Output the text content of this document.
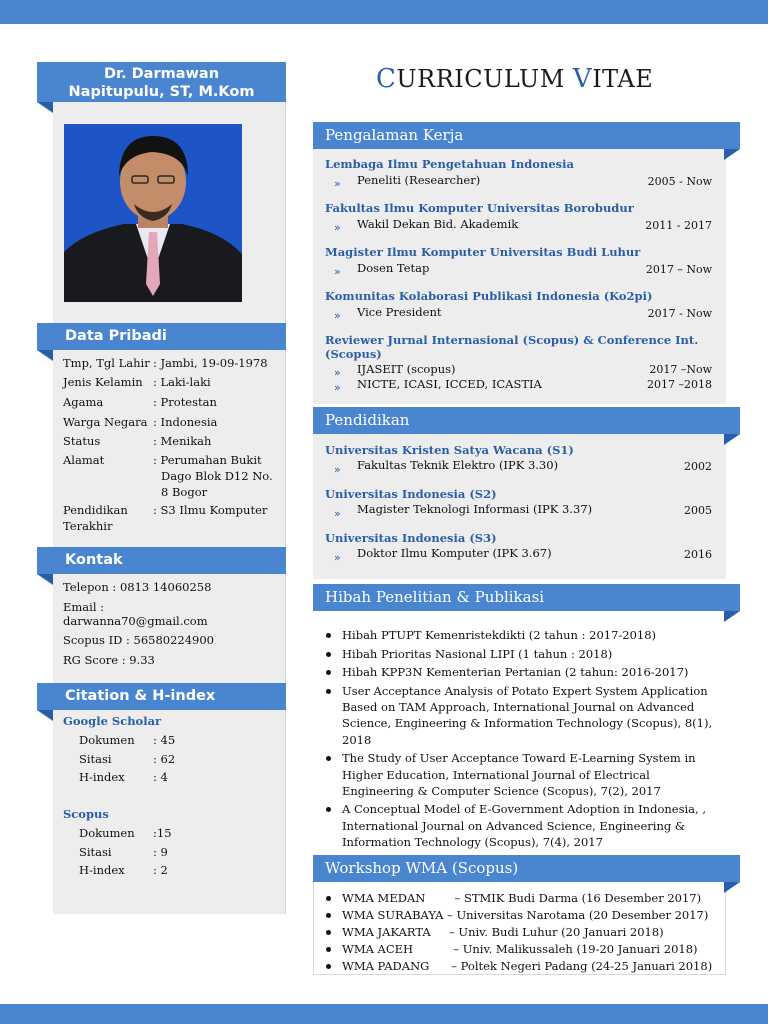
Dr. Darmawan
Napitupulu, ST, M.Kom
Data Pribadi
Tmp, Tgl Lahir : Jambi, 19-09-1978
Jenis Kelamin : Laki-laki
Agama	: Protestan
Warga Negara : Indonesia
Status	: Menikah
Alamat	: Perumahan Bukit
Dago Blok D12 No.
8 Bogor
Pendidikan : S3 Ilmu Komputer
Terakhir
Kontak
Telepon : 0813 14060258
Email :
darwanna70@gmail.com
Scopus ID : 56580224900
RG Score : 9.33
Citation & H-index
Google Scholar
Dokumen : 45
Sitasi	: 62
H-index : 4
Scopus
Dokumen :15
Sitasi	: 9
H-index : 2
CURRICULUM VITAE
Pengalaman Kerja
Lembaga Ilmu Pengetahuan Indonesia
» Peneliti (Researcher)	2005 - Now
Fakultas Ilmu Komputer Universitas Borobudur
» Wakil Dekan Bid. Akademik	2011 - 2017
Magister Ilmu Komputer Universitas Budi Luhur
» Dosen Tetap	2017 – Now
Komunitas Kolaborasi Publikasi Indonesia (Ko2pi)
» Vice President	2017 - Now
Reviewer Jurnal Internasional (Scopus) & Conference Int. (Scopus)
» IJASEIT (scopus)	2017 –Now
» NICTE, ICASI, ICCED, ICASTIA	2017 –2018
Pendidikan
Universitas Kristen Satya Wacana (S1)
» Fakultas Teknik Elektro (IPK 3.30)	2002
Universitas Indonesia (S2)
» Magister Teknologi Informasi (IPK 3.37)	2005
Universitas Indonesia (S3)
» Doktor Ilmu Komputer (IPK 3.67)	2016
Hibah Penelitian & Publikasi
Hibah PTUPT Kemenristekdikti (2 tahun : 2017-2018)
Hibah Prioritas Nasional LIPI (1 tahun : 2018)
Hibah KPP3N Kementerian Pertanian (2 tahun: 2016-2017)
User Acceptance Analysis of Potato Expert System Application Based on TAM Approach, International Journal on Advanced Science, Engineering & Information Technology (Scopus), 8(1), 2018
The Study of User Acceptance Toward E-Learning System in Higher Education, International Journal of Electrical Engineering & Computer Science (Scopus), 7(2), 2017
A Conceptual Model of E-Government Adoption in Indonesia, , International Journal on Advanced Science, Engineering & Information Technology (Scopus), 7(4), 2017
Workshop WMA (Scopus)
WMA MEDAN        – STMIK Budi Darma (16 Desember 2017)
WMA SURABAYA – Universitas Narotama (20 Desember 2017)
WMA JAKARTA     – Univ. Budi Luhur (20 Januari 2018)
WMA ACEH           – Univ. Malikussaleh (19-20 Januari 2018)
WMA PADANG      – Poltek Negeri Padang (24-25 Januari 2018)
